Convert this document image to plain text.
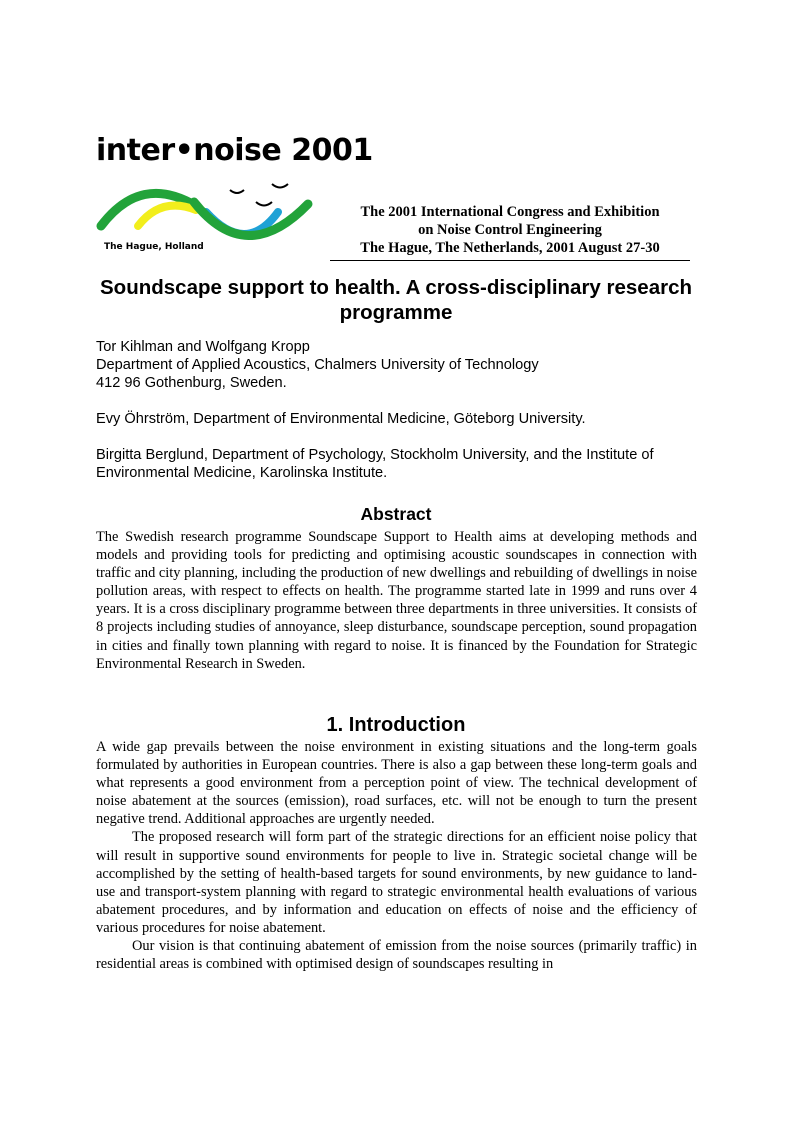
inter•noise 2001
The Hague, Holland
The 2001 International Congress and Exhibition
on Noise Control Engineering
The Hague, The Netherlands, 2001 August 27-30
Soundscape support to health. A cross-disciplinary research programme

Tor Kihlman and Wolfgang Kropp

Department of Applied Acoustics, Chalmers University of Technology

412 96 Gothenburg, Sweden.

Evy Öhrström, Department of Environmental Medicine, Göteborg University.

Birgitta Berglund, Department of Psychology, Stockholm University, and the Institute of Environmental Medicine, Karolinska Institute.

Abstract

The Swedish research programme Soundscape Support to Health aims at developing methods and models and providing tools for predicting and optimising acoustic soundscapes in connection with traffic and city planning, including the production of new dwellings and rebuilding of dwellings in noise pollution areas, with respect to effects on health. The programme started late in 1999 and runs over 4 years. It is a cross disciplinary programme between three departments in three universities. It consists of 8 projects including studies of annoyance, sleep disturbance, soundscape perception, sound propagation in cities and finally town planning with regard to noise. It is financed by the Foundation for Strategic Environmental Research in Sweden.

1. Introduction

A wide gap prevails between the noise environment in existing situations and the long-term goals formulated by authorities in European countries. There is also a gap between these long-term goals and what represents a good environment from a perception point of view. The technical development of noise abatement at the sources (emission), road surfaces, etc. will not be enough to turn the present negative trend. Additional approaches are urgently needed.

The proposed research will form part of the strategic directions for an efficient noise policy that will result in supportive sound environments for people to live in. Strategic societal change will be accomplished by the setting of health-based targets for sound environments, by new guidance to land-use and transport-system planning with regard to strategic environmental health evaluations of various abatement procedures, and by information and education on effects of noise and the efficiency of various procedures for noise abatement.

Our vision is that continuing abatement of emission from the noise sources (primarily traffic) in residential areas is combined with optimised design of soundscapes resulting in
